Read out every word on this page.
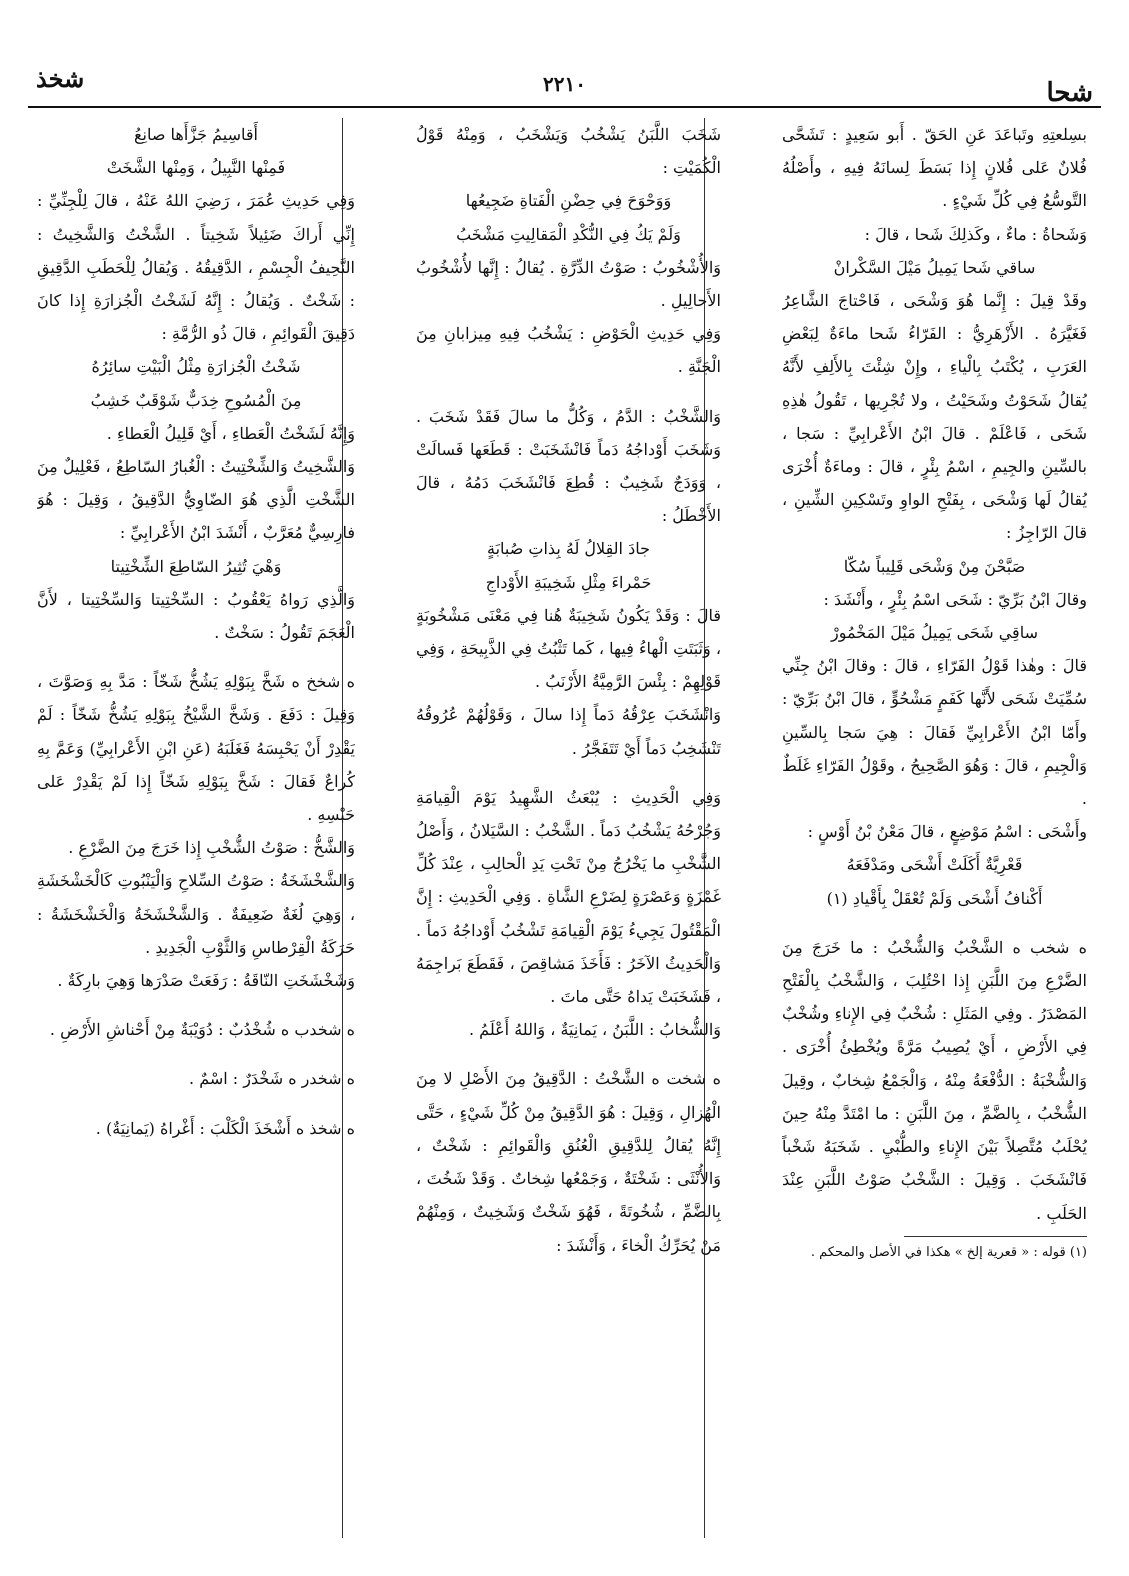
شحا
٢٢١٠
شخذ

بسِلعتِهِ وتَباعَدَ عَنِ الحَقّ . أَبو سَعِيدٍ : تَشَحَّى فُلانٌ عَلى فُلانٍ إِذا بَسَطَ لِسانَهُ فِيهِ ، وأَصْلُهُ التَّوسُّعُ فِي كُلِّ شَيْءٍ .

وَشَحاةُ : ماءٌ ، وكَذلِكَ شَحا ، قالَ :

ساقي شَحا يَمِيلُ مَيْلَ السَّكْرانْ

وقَدْ قِيلَ : إِنَّما هُوَ وَشْحَى ، فَاحْتاجَ الشَّاعِرُ فَغَيَّرَهُ . الأَزْهَرِيُّ : الفَرّاءُ شَحا ماءَةٌ لِبَعْضِ العَرَبِ ، يُكْتَبُ بِالْياءِ ، وإِنْ شِئْتَ بِالأَلِفِ لأَنَّهُ يُقالُ شَحَوْتُ وشَحَيْتُ ، ولا تُجْرِيها ، تَقُولُ هٰذِهِ شَحَى ، فَاعْلَمْ . قالَ ابْنُ الأَعْرابِيِّ : سَجا ، بالسِّينِ والجِيمِ ، اسْمُ بِئْرٍ ، قالَ : وماءَةٌ أُخْرَى يُقالُ لَها وَشْحَى ، بِفَتْحِ الواوِ وتَسْكِينِ الشِّينِ ، قالَ الرّاجِزُ :

صَبَّحْنَ مِنْ وَشْحَى قَلِيباً سُكّا

وقالَ ابْنُ بَرِّيّ : شَحَى اسْمُ بِئْرٍ ، وأَنْشَدَ :

ساقِي شَحَى يَمِيلُ مَيْلَ المَخْمُورْ

قالَ : وهٰذا قَوْلُ الفَرّاءِ ، قالَ : وقالَ ابْنُ جِنِّي سُمِّيَتْ شَحَى لأَنَّها كَفَمٍ مَشْحُوٍّ ، قالَ ابْنُ بَرِّيّ : وأَمّا ابْنُ الأَعْرابِيِّ فَقالَ : هِيَ سَجا بِالسِّينِ وَالْجِيمِ ، قالَ : وَهُوَ الصَّحِيحُ ، وقَوْلُ الفَرّاءِ غَلَطٌ .

وأَشْحَى : اسْمُ مَوْضِعٍ ، قالَ مَعْنُ بْنُ أَوْسٍ :

قَعْرِيَّةٌ أَكَلَتْ أَشْحَى ومَدْفَعَهُ

أَكْنافُ أَشْحَى وَلَمْ تُعْقَلْ بِأَقْيادِ (١)

ه شخب ه الشَّخْبُ وَالشُّخْبُ : ما خَرَجَ مِنَ الضَّرْعِ مِنَ اللَّبَنِ إِذا احْتُلِبَ ، وَالشَّخْبُ بِالْفَتْحِ المَصْدَرُ . وفِي المَثَلِ : شُخْبٌ فِي الإِناءِ وشُخْبٌ فِي الأَرْضِ ، أَيْ يُصِيبُ مَرَّةً ويُخْطِئُ أُخْرَى . وَالشُّخْبَةُ : الدُّفْعَةُ مِنْهُ ، وَالْجَمْعُ شِخابٌ ، وقِيلَ الشُّخْبُ ، بِالضَّمِّ ، مِنَ اللَّبَنِ : ما امْتَدَّ مِنْهُ حِينَ يُحْلَبُ مُتَّصِلاً بَيْنَ الإِناءِ والطُّبْيِ . شَخَبَهُ شَخْباً فَانْشَخَبَ . وَقِيلَ : الشَّخْبُ صَوْتُ اللَّبَنِ عِنْدَ الحَلَبِ .

(١) قوله : « قعرية إلخ » هكذا في الأصل والمحكم .

شَخَبَ اللَّبَنُ يَشْخُبُ وَيَشْخَبُ ، وَمِنْهُ قَوْلُ الْكُمَيْتِ :

وَوَحْوَحَ فِي حِضْنِ الْفَتاةِ ضَجِيعُها

وَلَمْ يَكُ فِي النُّكْدِ الْمَقالِيتِ مَشْخَبُ

وَالأُشْخُوبُ : صَوْتُ الدِّرَّةِ . يُقالُ : إِنَّها لأُشْخُوبُ الأَحالِيلِ .

وَفِي حَدِيثِ الْحَوْضِ : يَشْخُبُ فِيهِ مِيزابانِ مِنَ الْجَنَّةِ .

وَالشَّخْبُ : الدَّمُ ، وَكُلُّ ما سالَ فَقَدْ شَخَبَ . وَشَخَبَ أَوْداجُهُ دَماً فَانْشَخَبَتْ : قَطَعَها فَسالَتْ ، وَوَدَجٌ شَخِيبٌ : قُطِعَ فَانْشَخَبَ دَمُهُ ، قالَ الأَخْطَلُ :

جادَ القِلالُ لَهُ بِذاتِ صُبابَةٍ

حَمْراءَ مِثْلِ شَخِيبَةِ الأَوْداجِ

قالَ : وَقَدْ يَكُونُ شَخِيبَةٌ هُنا فِي مَعْنَى مَشْخُوبَةٍ ، وَثَبَتَتِ الْهاءُ فِيها ، كَما تَثْبُتُ فِي الذَّبِيحَةِ ، وَفِي قَوْلِهِمْ : بِئْسَ الرَّمِيَّةُ الأَرْنَبُ .

وَانْشَخَبَ عِرْقُهُ دَماً إِذا سالَ ، وَقَوْلُهُمْ عُرُوقُهُ تَنْشَخِبُ دَماً أَيْ تَتَفَجَّرُ .

وَفِي الْحَدِيثِ : يُبْعَثُ الشَّهِيدُ يَوْمَ الْقِيامَةِ وَجُرْحُهُ يَشْخُبُ دَماً . الشَّخْبُ : السَّيَلانُ ، وَأَصْلُ الشَّخْبِ ما يَخْرُجُ مِنْ تَحْتِ يَدِ الْحالِبِ ، عِنْدَ كُلِّ غَمْزَةٍ وَعَصْرَةٍ لِضَرْعِ الشَّاةِ . وَفِي الْحَدِيثِ : إِنَّ الْمَقْتُولَ يَجِيءُ يَوْمَ الْقِيامَةِ تَشْخُبُ أَوْداجُهُ دَماً . وَالْحَدِيثُ الآخَرُ : فَأَخَذَ مَشاقِصَ ، فَقَطَعَ بَراجِمَهُ ، فَشَخَبَتْ يَداهُ حَتَّى ماتَ .

وَالشُّخابُ : اللَّبَنُ ، يَمانِيَةٌ ، وَاللهُ أَعْلَمُ .

ه شخت ه الشَّخْتُ : الدَّقِيقُ مِنَ الأَصْلِ لا مِنَ الْهُزالِ ، وَقِيلَ : هُوَ الدَّقِيقُ مِنْ كُلِّ شَيْءٍ ، حَتَّى إِنَّهُ يُقالُ لِلدَّقِيقِ الْعُنُقِ وَالْقَوائِمِ : شَخْتٌ ، وَالأُنْثَى : شَخْتَةٌ ، وَجَمْعُها شِخاتٌ . وَقَدْ شَخُتَ ، بِالضَّمِّ ، شُخُوتَةً ، فَهُوَ شَخْتٌ وَشَخِيتٌ ، وَمِنْهُمْ مَنْ يُحَرِّكُ الْخاءَ ، وَأَنْشَدَ :

أَقاسِيمُ جَزَّأَها صانِعُ

فَمِنْها النَّبِيلُ ، وَمِنْها الشَّخَتْ

وَفِي حَدِيثِ عُمَرَ ، رَضِيَ اللهُ عَنْهُ ، قالَ لِلْجِنِّيِّ : إِنِّي أَراكَ ضَئِيلاً شَخِيتاً . الشَّخْتُ وَالشَّخِيتُ : النَّحِيفُ الْجِسْمِ ، الدَّقِيقُهُ . وَيُقالُ لِلْحَطَبِ الدَّقِيقِ : شَخْتٌ . وَيُقالُ : إِنَّهُ لَشَخْتُ الْجُزارَةِ إِذا كانَ دَقِيقَ الْقَوائِمِ ، قالَ ذُو الرُّمَّةِ :

شَخْتُ الْجُزارَةِ مِثْلُ الْبَيْتِ سائِرُهُ

مِنَ الْمُسُوحِ خِدَبٌّ شَوْقَبٌ خَشِبُ

وَإِنَّهُ لَشَخْتُ الْعَطاءِ ، أَيْ قَلِيلُ الْعَطاءِ .

وَالشَّخِيتُ وَالشِّخْتِيتُ : الْغُبارُ السّاطِعُ ، فَعْلِيلٌ مِنَ الشَّخْتِ الَّذِي هُوَ الضّاوِيُّ الدَّقِيقُ ، وَقِيلَ : هُوَ فارِسِيٌّ مُعَرَّبٌ ، أَنْشَدَ ابْنُ الأَعْرابِيِّ :

وَهْيَ تُثِيرُ السّاطِعَ الشِّخْتِيتا

وَالَّذِي رَواهُ يَعْقُوبُ : السِّخْتِيتا وَالسِّخْتِيتا ، لأَنَّ الْعَجَمَ تَقُولُ : سَخْتٌ .

ه شخخ ه شَخَّ بِبَوْلِهِ يَشُخُّ شَخّاً : مَدَّ بِهِ وَصَوَّتَ ، وَقِيلَ : دَفَعَ . وَشَخَّ الشَّيْخُ بِبَوْلِهِ يَشُخُّ شَخّاً : لَمْ يَقْدِرْ أَنْ يَحْبِسَهُ فَغَلَبَهُ (عَنِ ابْنِ الأَعْرابِيِّ) وَعَمَّ بِهِ كُراعٌ فَقالَ : شَخَّ بِبَوْلِهِ شَخّاً إِذا لَمْ يَقْدِرْ عَلى حَبْسِهِ .

وَالشَّخُّ : صَوْتُ الشُّخْبِ إِذا خَرَجَ مِنَ الضَّرْعِ .

وَالشَّخْشَخَةُ : صَوْتُ السِّلاحِ وَالْيَنْبُوتِ كَالْخَشْخَشَةِ ، وَهِيَ لُغَةٌ ضَعِيفَةٌ . وَالشَّخْشَخَةُ وَالْخَشْخَشَةُ : حَرَكَةُ الْقِرْطاسِ وَالثَّوْبِ الْجَدِيدِ .

وَشَخْشَخَتِ النّاقَةُ : رَفَعَتْ صَدْرَها وَهِيَ بارِكَةٌ .

ه شخدب ه شُخْدُبٌ : دُوَيْبَةٌ مِنْ أَحْناشِ الأَرْضِ .

ه شخدر ه شَخْدَرٌ : اسْمٌ .

ه شخذ ه أَشْخَذَ الْكَلْبَ : أَغْراهُ (يَمانِيَةٌ) .
